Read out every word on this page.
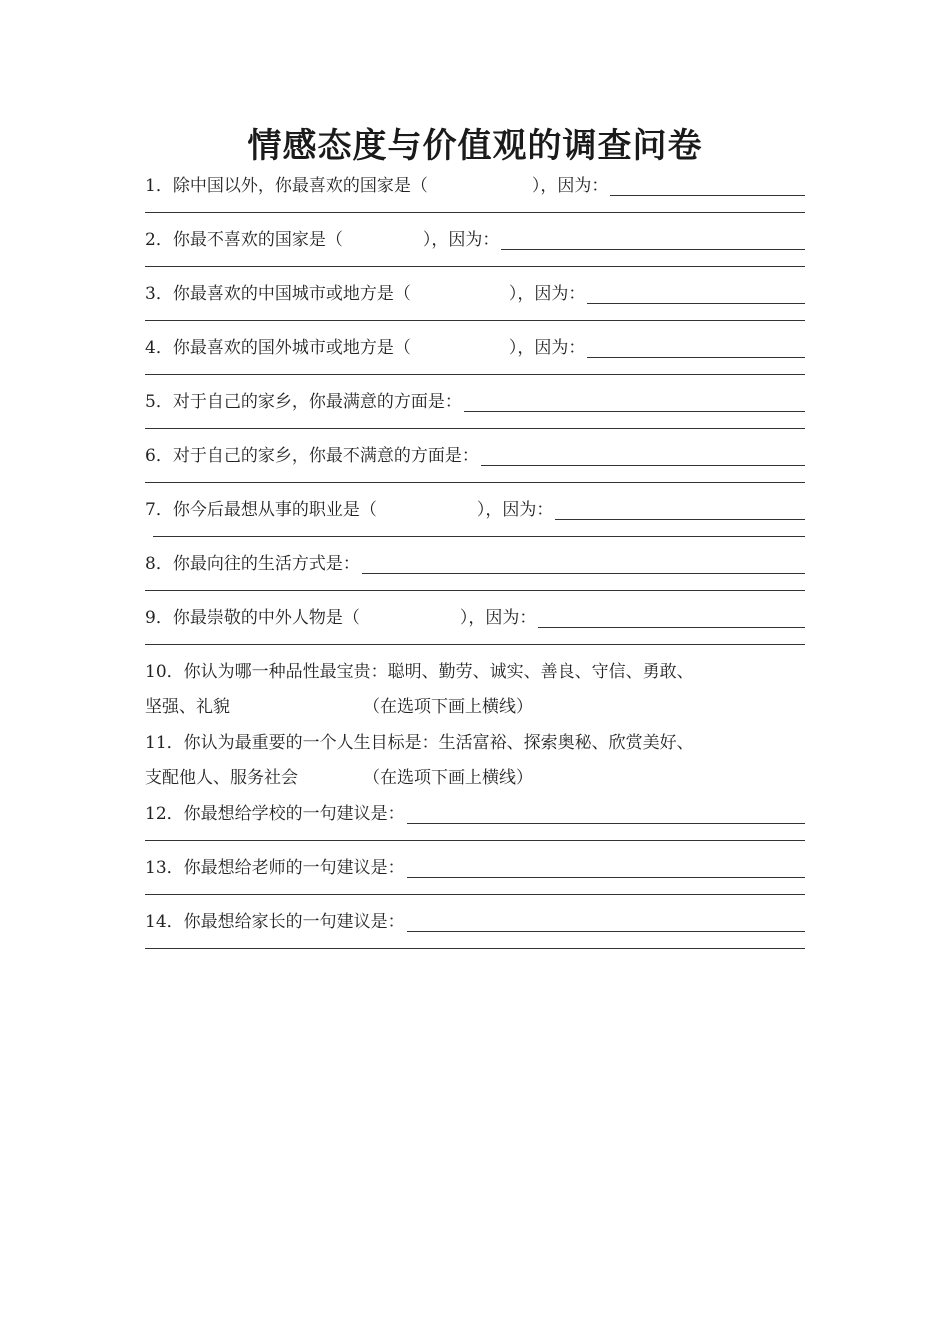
情感态度与价值观的调查问卷
1．除中国以外，你最喜欢的国家是（	），因为：
2．你最不喜欢的国家是（	），因为：
3．你最喜欢的中国城市或地方是（	），因为：
4．你最喜欢的国外城市或地方是（	），因为：
5．对于自己的家乡，你最满意的方面是：
6．对于自己的家乡，你最不满意的方面是：
7．你今后最想从事的职业是（	），因为：
8．你最向往的生活方式是：
9．你最崇敬的中外人物是（	），因为：
10．你认为哪一种品性最宝贵：聪明、勤劳、诚实、善良、守信、勇敢、
坚强、礼貌	（在选项下画上横线）
11．你认为最重要的一个人生目标是：生活富裕、探索奥秘、欣赏美好、
支配他人、服务社会	（在选项下画上横线）
12．你最想给学校的一句建议是：
13．你最想给老师的一句建议是：
14．你最想给家长的一句建议是：
